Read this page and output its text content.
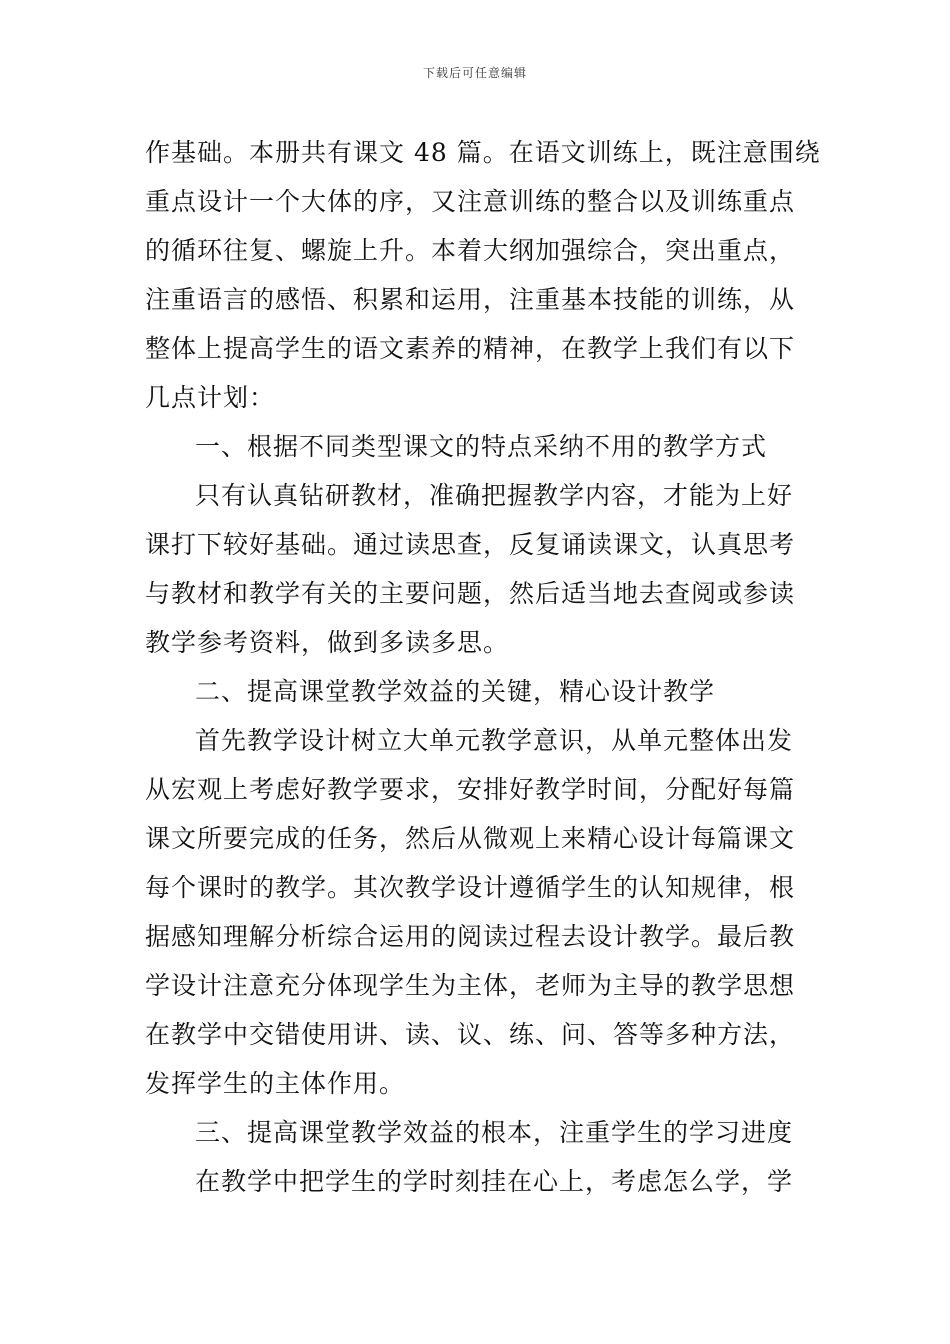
下载后可任意编辑
作基础。本册共有课文 48 篇。在语文训练上，既注意围绕
重点设计一个大体的序，又注意训练的整合以及训练重点
的循环往复、螺旋上升。本着大纲加强综合，突出重点，
注重语言的感悟、积累和运用，注重基本技能的训练，从
整体上提高学生的语文素养的精神，在教学上我们有以下
几点计划：
一、根据不同类型课文的特点采纳不用的教学方式
只有认真钻研教材，准确把握教学内容，才能为上好
课打下较好基础。通过读思查，反复诵读课文，认真思考
与教材和教学有关的主要问题，然后适当地去查阅或参读
教学参考资料，做到多读多思。
二、提高课堂教学效益的关键，精心设计教学
首先教学设计树立大单元教学意识，从单元整体出发
从宏观上考虑好教学要求，安排好教学时间，分配好每篇
课文所要完成的任务，然后从微观上来精心设计每篇课文
每个课时的教学。其次教学设计遵循学生的认知规律，根
据感知理解分析综合运用的阅读过程去设计教学。最后教
学设计注意充分体现学生为主体，老师为主导的教学思想
在教学中交错使用讲、读、议、练、问、答等多种方法，
发挥学生的主体作用。
三、提高课堂教学效益的根本，注重学生的学习进度
在教学中把学生的学时刻挂在心上，考虑怎么学，学
